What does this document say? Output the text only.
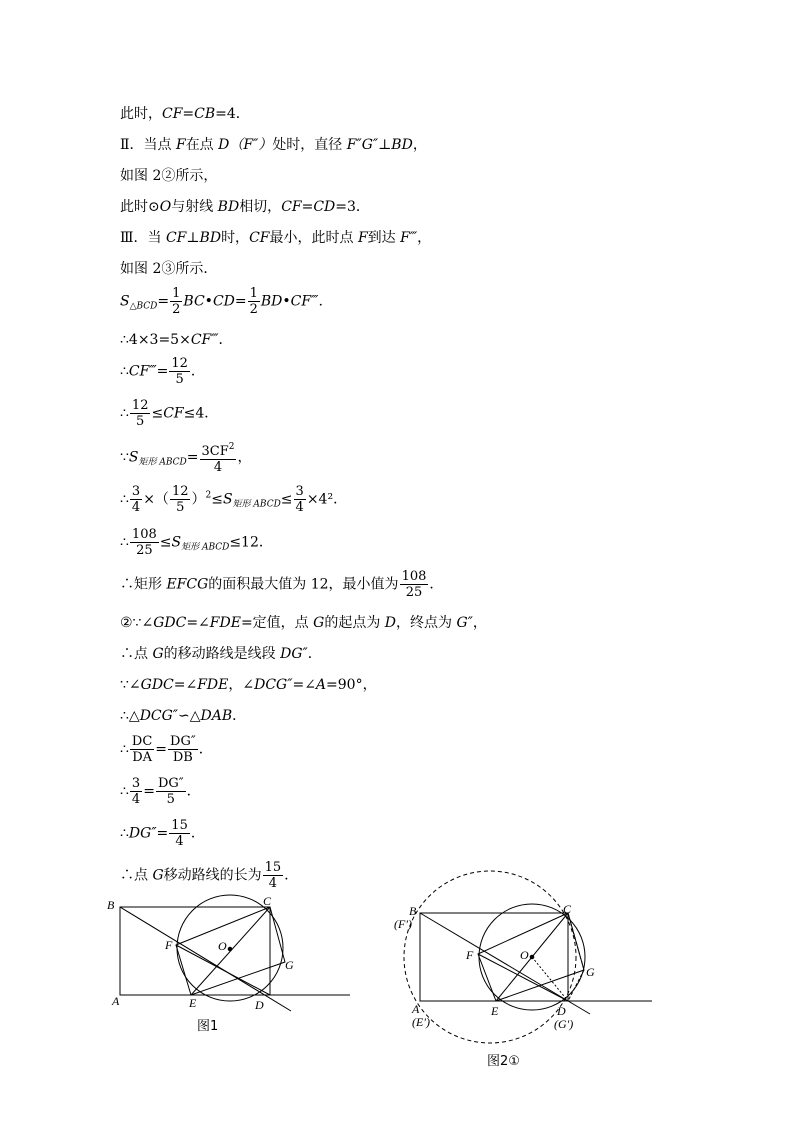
此时，CF=CB=4．
Ⅱ．当点 F在点 D（F″）处时，直径 F″G″⊥BD，
如图 2②所示，
此时⊙O与射线 BD相切，CF=CD=3．
Ⅲ．当 CF⊥BD时，CF最小，此时点 F到达 F‴，
如图 2③所示．
$S_{\triangle BCD}= \frac{1}{2}$ BC•CD= $\frac{1}{2}$ BD•CF‴．
∴4×3=5×CF‴．
∴CF‴= $\frac{12}{5}$ ．
∴ $\frac{12}{5} \le CF\le 4$．
$\because S_{矩形 ABCD}= \frac{3CF^2}{4}$ ，
∴ $\frac{3}{4}$ ×（ $\frac{12}{5} )^2\le S_{矩形 ABCD}\le \frac{3}{4} \times 4^2$．
∴ $\frac{108}{25} \le S_{矩形 ABCD}\le 12$．
∴矩形 EFCG的面积最大值为 12，最小值为 $\frac{108}{25}$ ．
②∵∠GDC=∠FDE=定值，点 G的起点为 D，终点为 G″，
∴点 G的移动路线是线段 DG″．
∵∠GDC=∠FDE，∠DCG″=∠A=90°，
∴△DCG″∽△DAB．
∴ $\frac{DC}{DA} = \frac{DG''}{DB}$ ．
∴ $\frac{3}{4} = \frac{DG''}{5}$ ．
∴DG″= $\frac{15}{4}$ ．
∴点 G移动路线的长为 $\frac{15}{4}$ ．
B	C
F	O
G
A	E	D
图1
B
(F′)
C
F	O
G
A
(E′)
E	D
(G′)
图2①
